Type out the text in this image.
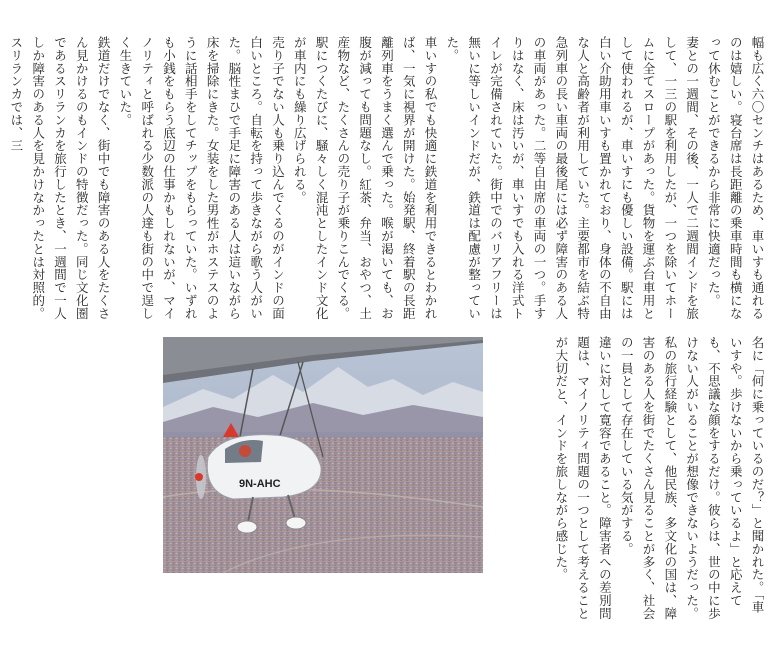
幅も広く六〇センチはあるため、車いすも通れるのは嬉しい。寝台席は長距離の乗車時間も横になって休むことができるから非常に快適だった。

妻との一週間、その後、一人で二週間インドを旅して、一三の駅を利用したが、一つを除いてホームに全てスロープがあった。貨物を運ぶ台車用として使われるが、車いすにも優しい設備。駅には白い介助用車いすも置かれており、身体の不自由な人と高齢者が利用していた。主要都市を結ぶ特急列車の長い車両の最後尾には必ず障害のある人の車両があった。二等自由席の車両の一つ。手すりはなく、床は汚いが、車いすでも入れる洋式トイレが完備されていた。街中でのバリアフリーは無いに等しいインドだが、鉄道は配慮が整っていた。

車いすの私でも快適に鉄道を利用できるとわかれば、一気に視界が開けた。始発駅、終着駅の長距離列車をうまく選んで乗った。喉が渇いても、お腹が減っても問題なし。紅茶、弁当、おやつ、土産物など、たくさんの売り子が乗りこんでくる。駅につくたびに、騒々しく混沌としたインド文化が車内にも繰り広げられる。

売り子でない人も乗り込んでくるのがインドの面白いところ。自転を持って歩きながら歌う人がいた。脳性まひで手足に障害のある人は這いながら床を掃除にきた。女装をした男性がホステスのように話相手をしてチップをもらっていた。いずれも小銭をもらう底辺の仕事かもしれないが、マイノリティと呼ばれる少数派の人達も街の中で逞しく生きていた。

鉄道だけでなく、街中でも障害のある人をたくさん見かけるのもインドの特徴だった。同じ文化圏であるスリランカを旅行したとき、一週間で一人しか障害のある人を見かけなかったとは対照的。スリランカでは、三

名に「何に乗っているのだ？」と聞かれた。「車いすや。歩けないから乗っているよ」と応えても、不思議な顔をするだけ。彼らは、世の中に歩けない人がいることが想像できないようだった。

私の旅行経験として、他民族、多文化の国は、障害のある人を街でたくさん見ることが多く、社会の一員として存在している気がする。

違いに対して寛容であること。障害者への差別問題は、マイノリティ問題の一つとして考えることが大切だと、インドを旅しながら感じた。

9N-AHC
